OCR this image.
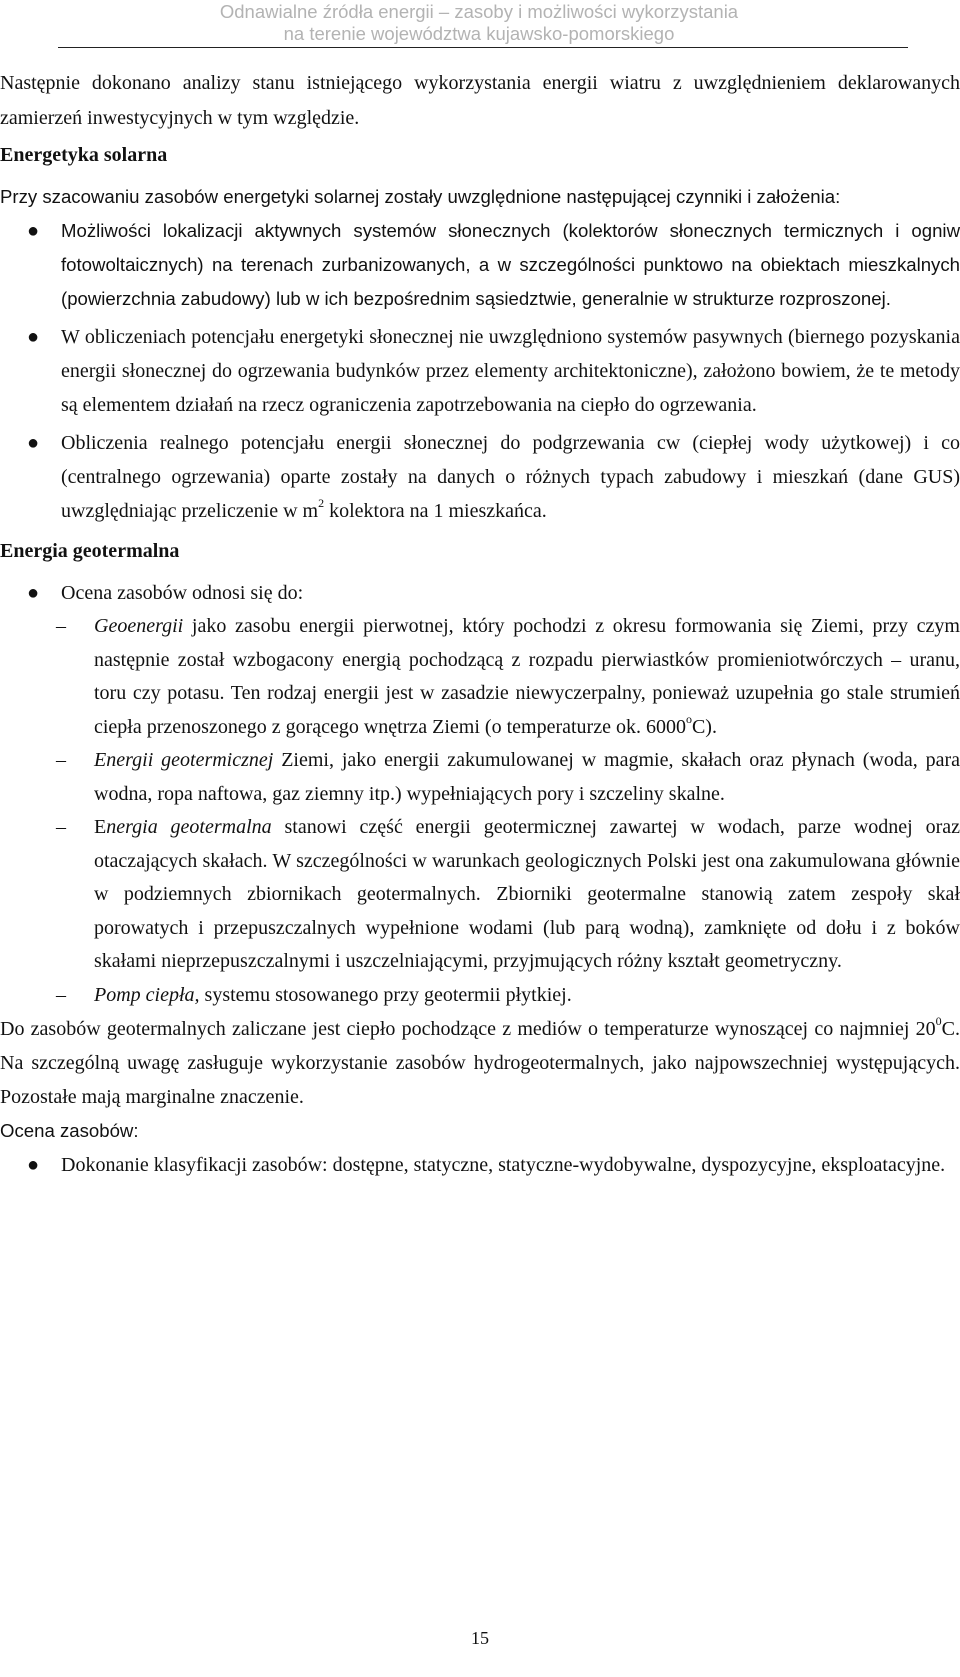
Odnawialne źródła energii – zasoby i możliwości wykorzystania
na terenie województwa kujawsko-pomorskiego

Następnie dokonano analizy stanu istniejącego wykorzystania energii wiatru z uwzględnieniem deklarowanych zamierzeń inwestycyjnych w tym względzie.

Energetyka solarna

Przy szacowaniu zasobów energetyki solarnej zostały uwzględnione następującej czynniki i założenia:

● Możliwości lokalizacji aktywnych systemów słonecznych (kolektorów słonecznych termicznych i ogniw fotowoltaicznych) na terenach zurbanizowanych, a w szczególności punktowo na obiektach mieszkalnych (powierzchnia zabudowy) lub w ich bezpośrednim sąsiedztwie, generalnie w strukturze rozproszonej.
● W obliczeniach potencjału energetyki słonecznej nie uwzględniono systemów pasywnych (biernego pozyskania energii słonecznej do ogrzewania budynków przez elementy architektoniczne), założono bowiem, że te metody są elementem działań na rzecz ograniczenia zapotrzebowania na ciepło do ogrzewania.
● Obliczenia realnego potencjału energii słonecznej do podgrzewania cw (ciepłej wody użytkowej) i co (centralnego ogrzewania) oparte zostały na danych o różnych typach zabudowy i mieszkań (dane GUS) uwzględniając przeliczenie w $m^2$ kolektora na 1 mieszkańca.
Energia geotermalna
● Ocena zasobów odnosi się do:
– Geoenergii jako zasobu energii pierwotnej, który pochodzi z okresu formowania się Ziemi, przy czym następnie został wzbogacony energią pochodzącą z rozpadu pierwiastków promieniotwórczych – uranu, toru czy potasu. Ten rodzaj energii jest w zasadzie niewyczerpalny, ponieważ uzupełnia go stale strumień ciepła przenoszonego z gorącego wnętrza Ziemi (o temperaturze ok. 6000$^o$C).
– Energii geotermicznej Ziemi, jako energii zakumulowanej w magmie, skałach oraz płynach (woda, para wodna, ropa naftowa, gaz ziemny itp.) wypełniających pory i szczeliny skalne.
– Energia geotermalna stanowi część energii geotermicznej zawartej w wodach, parze wodnej oraz otaczających skałach. W szczególności w warunkach geologicznych Polski jest ona zakumulowana głównie w podziemnych zbiornikach geotermalnych. Zbiorniki geotermalne stanowią zatem zespoły skał porowatych i przepuszczalnych wypełnione wodami (lub parą wodną), zamknięte od dołu i z boków skałami nieprzepuszczalnymi i uszczelniającymi, przyjmujących różny kształt geometryczny.
– Pomp ciepła, systemu stosowanego przy geotermii płytkiej.

Do zasobów geotermalnych zaliczane jest ciepło pochodzące z mediów o temperaturze wynoszącej co najmniej $20^0C$. Na szczególną uwagę zasługuje wykorzystanie zasobów hydrogeotermalnych, jako najpowszechniej występujących. Pozostałe mają marginalne znaczenie.

Ocena zasobów:

● Dokonanie klasyfikacji zasobów: dostępne, statyczne, statyczne-wydobywalne, dyspozycyjne, eksploatacyjne.
15
